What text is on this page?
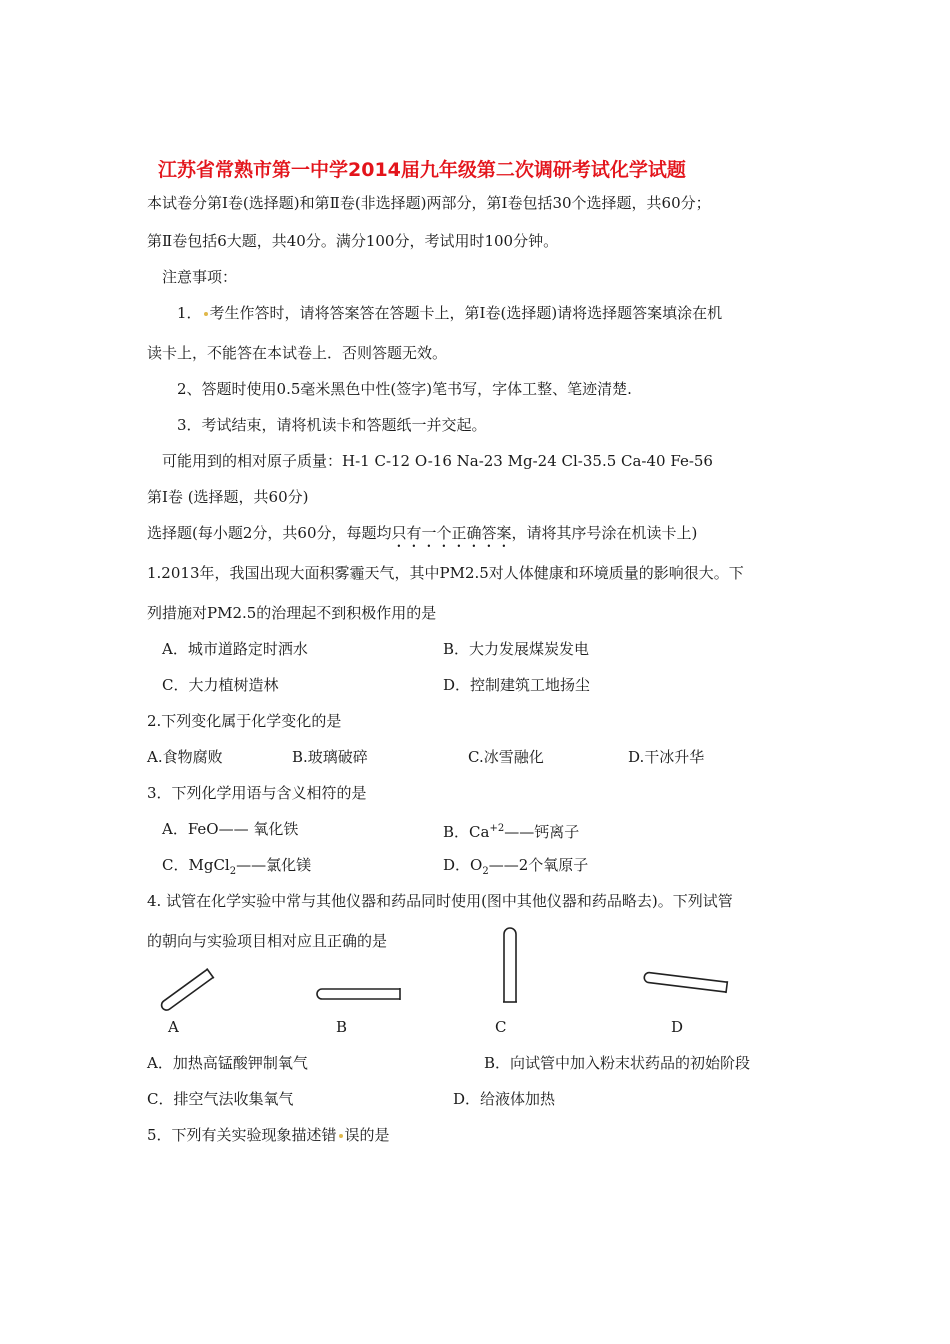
江苏省常熟市第一中学2014届九年级第二次调研考试化学试题
本试卷分第Ⅰ卷(选择题)和第Ⅱ卷(非选择题)两部分，第Ⅰ卷包括30个选择题，共60分；
第Ⅱ卷包括6大题，共40分。满分100分，考试用时100分钟。
注意事项：
1． 考生作答时，请将答案答在答题卡上，第Ⅰ卷(选择题)请将选择题答案填涂在机
读卡上，不能答在本试卷上．否则答题无效。
2、答题时使用0.5毫米黑色中性(签字)笔书写，字体工整、笔迹清楚.
3．考试结束，请将机读卡和答题纸一并交起。
可能用到的相对原子质量：H-1 C-12 O-16 Na-23 Mg-24 Cl-35.5 Ca-40 Fe-56
第Ⅰ卷 (选择题，共60分)
选择题(每小题2分，共60分，每题均只有一个正确答案，请将其序号涂在机读卡上)
1.2013年，我国出现大面积雾霾天气，其中PM2.5对人体健康和环境质量的影响很大。下
列措施对PM2.5的治理起不到积极作用的是
A．城市道路定时洒水	B．大力发展煤炭发电
C．大力植树造林	D．控制建筑工地扬尘
2.下列变化属于化学变化的是
A.食物腐败	B.玻璃破碎	C.冰雪融化	D.干冰升华
3．下列化学用语与含义相符的是
A．FeO—— 氧化铁	B．$Ca^{+2}——$钙离子
C．MgCl$_2$——氯化镁	D．$O_2——2$个氧原子
4. 试管在化学实验中常与其他仪器和药品同时使用(图中其他仪器和药品略去)。下列试管
的朝向与实验项目相对应且正确的是
A	B	C	D
A．加热高锰酸钾制氧气	B．向试管中加入粉末状药品的初始阶段
C．排空气法收集氧气	D．给液体加热
5．下列有关实验现象描述错 误的是
